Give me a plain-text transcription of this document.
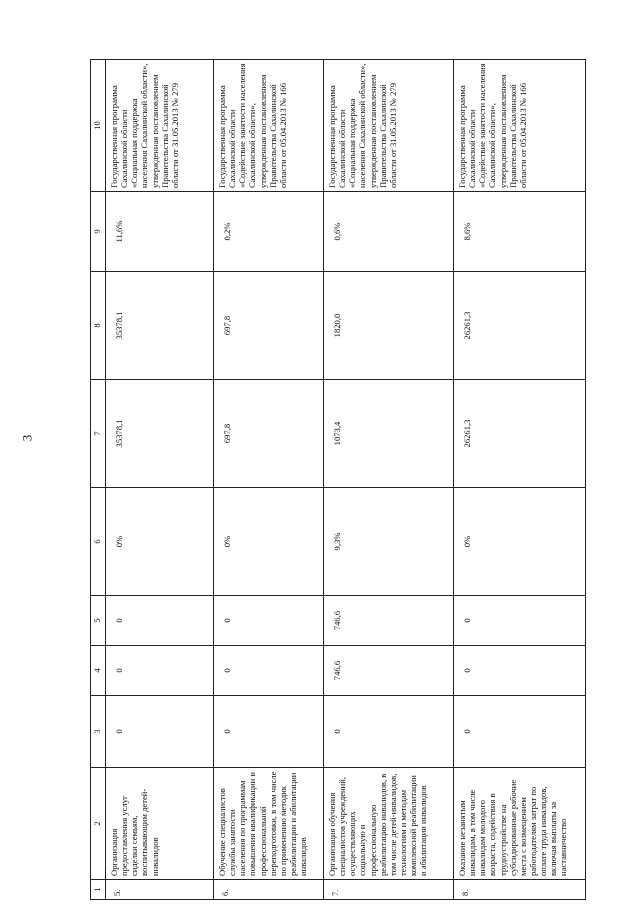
3
1	2	3	4	5	6	7	8	9	10
5.	Организация предоставления услуг сиделки семьям, воспитывающим детей-инвалидов	0	0	0	0%	35378,1	35378,1	11,6%	Государственная программа Сахалинской области «Социальная поддержка населения Сахалинской области», утвержденная постановлением Правительства Сахалинской области от 31.05.2013 № 279
6.	Обучение специалистов службы занятости населения по программам повышения квалификации и профессиональной переподготовки, в том числе по применению методик реабилитации и абилитации инвалидов	0	0	0	0%	697,8	697,8	0,2%	Государственная программа Сахалинской области «Содействие занятости населения Сахалинской области», утвержденная постановлением Правительства Сахалинской области от 05.04.2013 № 166
7.	Организация обучения специалистов учреждений, осуществляющих социальную и профессиональную реабилитацию инвалидов, в том числе детей-инвалидов, технологиям и методам комплексной реабилитации и абилитации инвалидов	0	746,6	746,6	9,3%	1073,4	1820,0	0,6%	Государственная программа Сахалинской области «Социальная поддержка населения Сахалинской области», утвержденная постановлением Правительства Сахалинской области от 31.05.2013 № 279
8.	Оказание незанятым инвалидам, в том числе инвалидам молодого возраста, содействия в трудоустройстве на субсидированные рабочие места с возмещением работодателям затрат по оплате труда инвалидов, включая выплаты за наставничество	0	0	0	0%	26261,3	26261,3	8,6%	Государственная программа Сахалинской области «Содействие занятости населения Сахалинской области», утвержденная постановлением Правительства Сахалинской области от 05.04.2013 № 166
